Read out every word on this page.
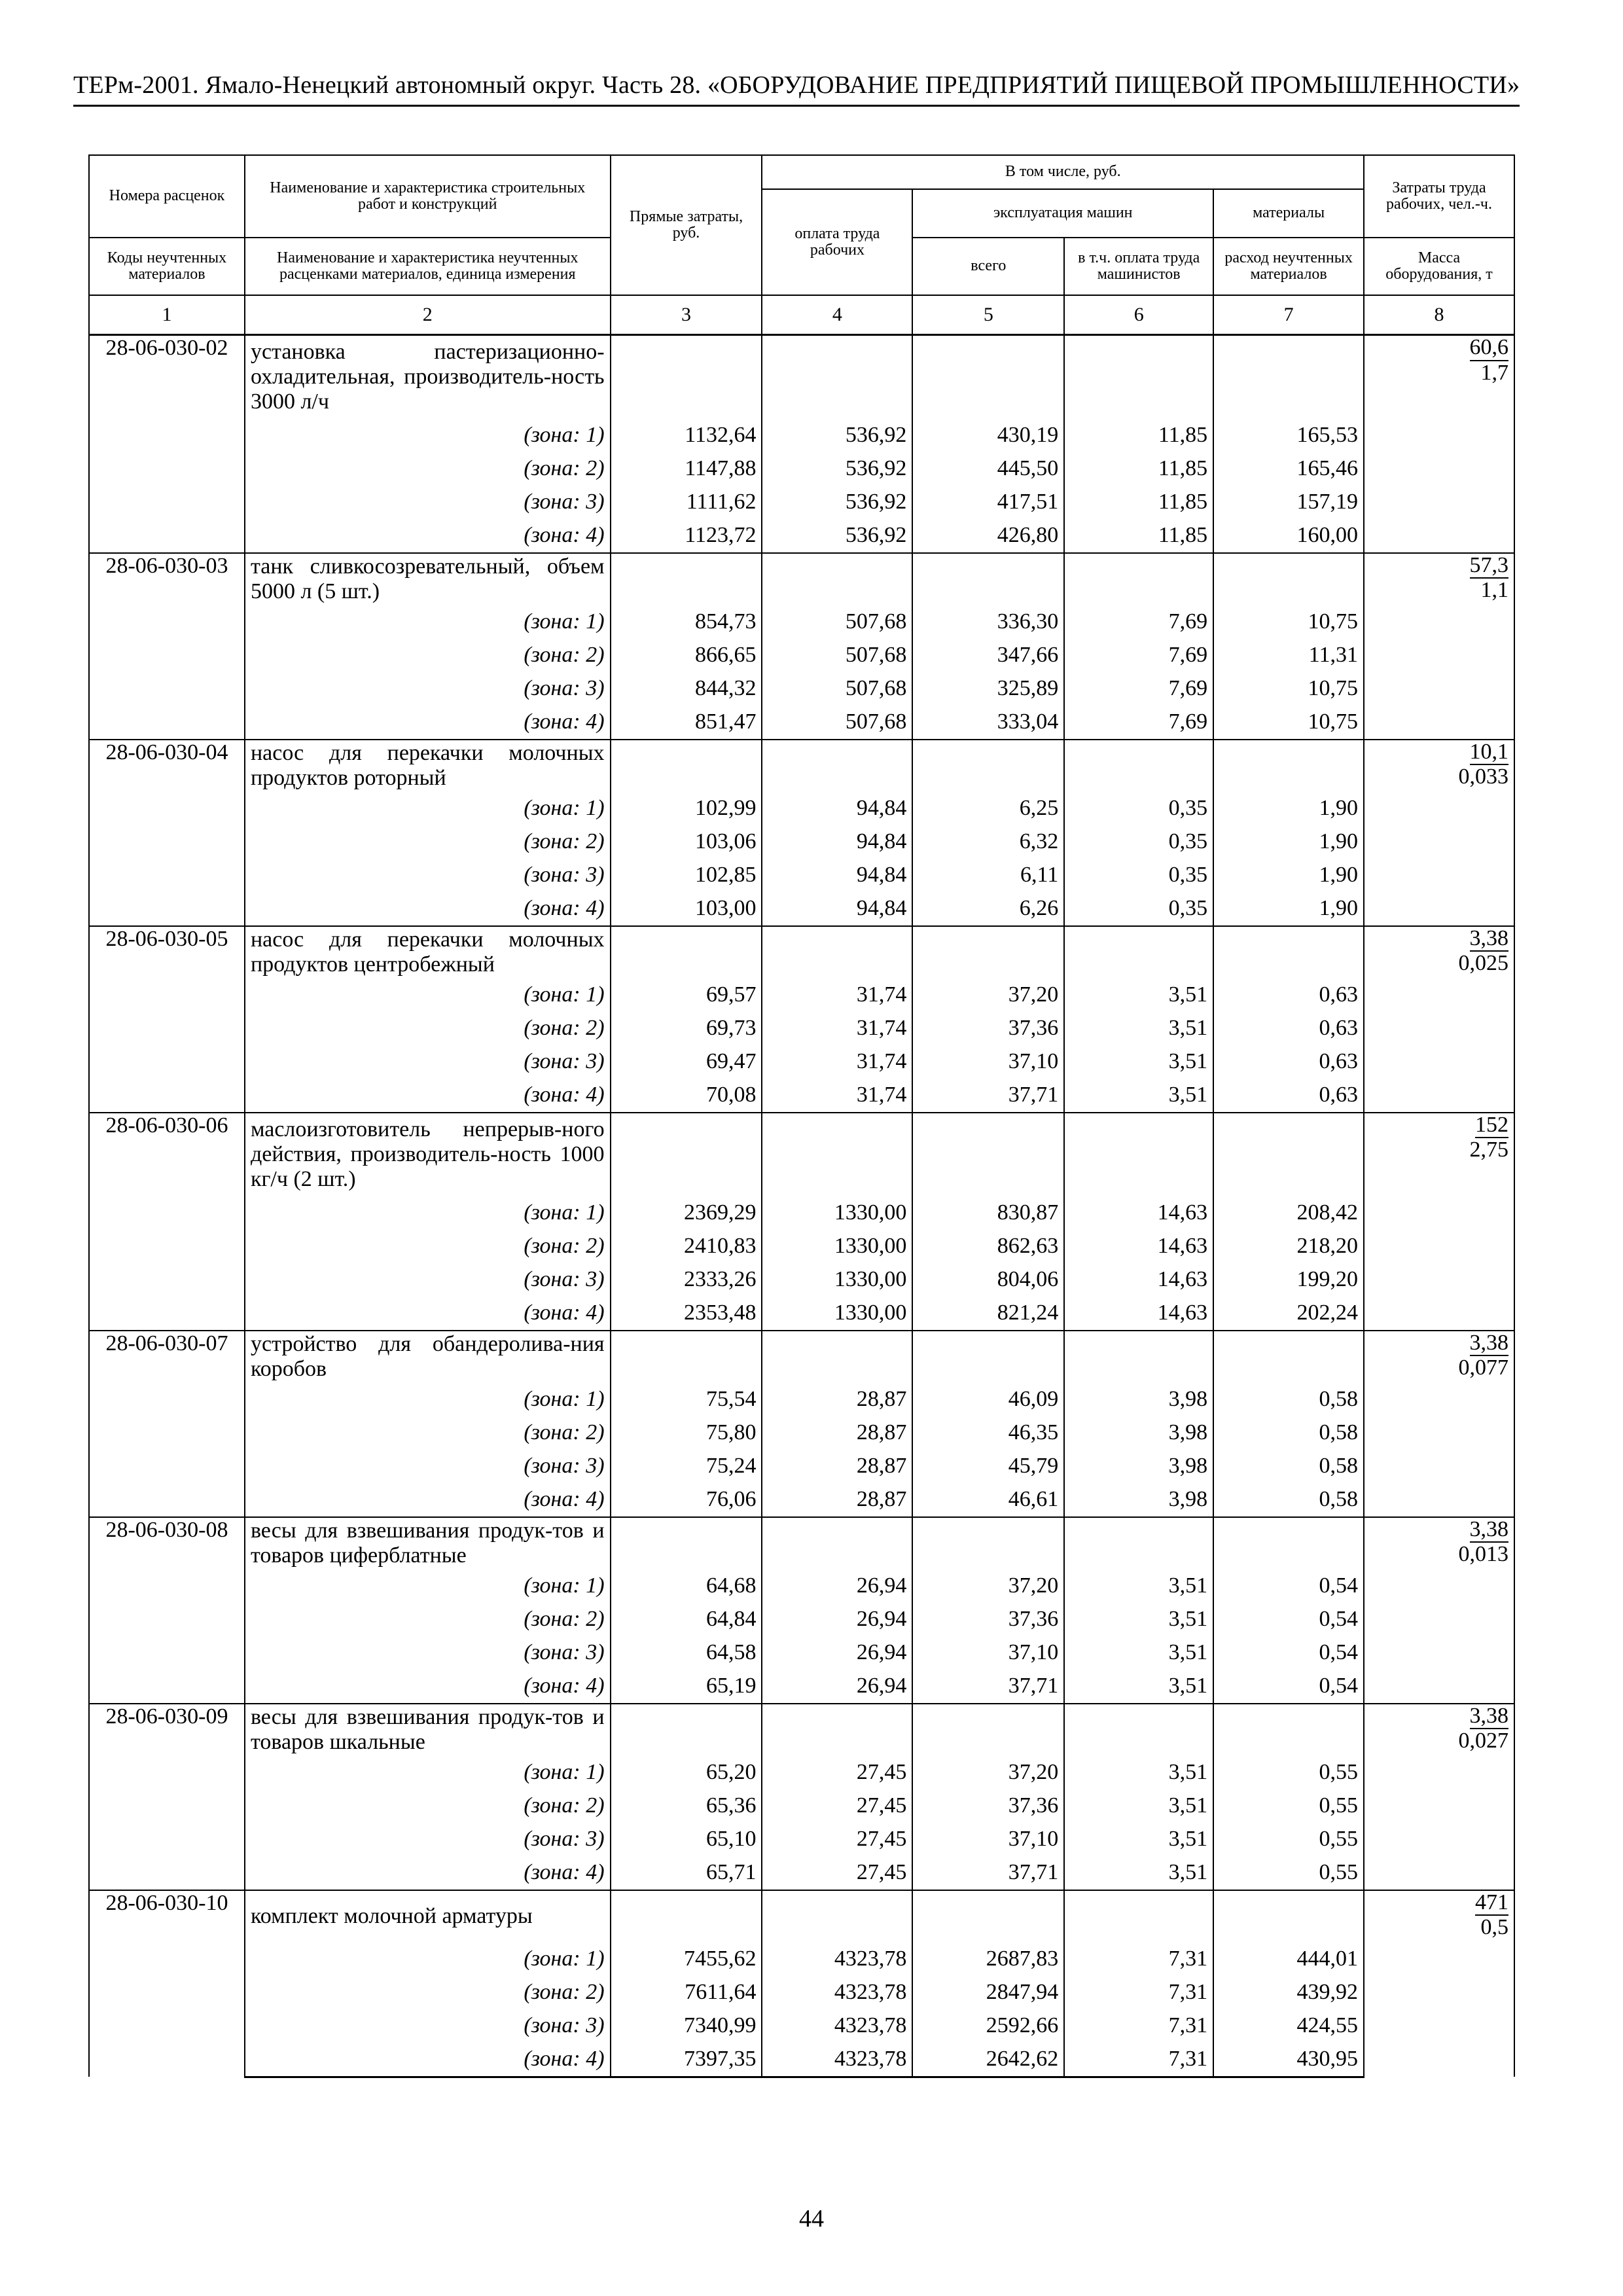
ТЕРм-2001. Ямало-Ненецкий автономный округ. Часть 28. «ОБОРУДОВАНИЕ ПРЕДПРИЯТИЙ ПИЩЕВОЙ ПРОМЫШЛЕННОСТИ»
Номера расценок	Наименование и характеристика строительных работ и конструкций	Прямые затраты, руб.	В том числе, руб.				Затраты труда рабочих, чел.-ч.
			оплата труда рабочих	эксплуатация машин		материалы	
Коды неучтенных материалов	Наименование и характеристика неучтенных расценками материалов, единица измерения			всего	в т.ч. оплата труда машинистов	расход неучтенных материалов	Масса оборудования, т

1	2	3	4	5	6	7	8
28-06-030-02	установка пастеризационно-охладительная, производитель-ность 3000 л/ч						60,6
1,7

	(зона: 1)	1132,64	536,92	430,19	11,85	165,53	
	(зона: 2)	1147,88	536,92	445,50	11,85	165,46	
	(зона: 3)	1111,62	536,92	417,51	11,85	157,19	
	(зона: 4)	1123,72	536,92	426,80	11,85	160,00	
28-06-030-03	танк сливкосозревательный, объем 5000 л (5 шт.)						57,3
1,1

	(зона: 1)	854,73	507,68	336,30	7,69	10,75	
	(зона: 2)	866,65	507,68	347,66	7,69	11,31	
	(зона: 3)	844,32	507,68	325,89	7,69	10,75	
	(зона: 4)	851,47	507,68	333,04	7,69	10,75	
28-06-030-04	насос для перекачки молочных продуктов роторный						10,1
0,033

	(зона: 1)	102,99	94,84	6,25	0,35	1,90	
	(зона: 2)	103,06	94,84	6,32	0,35	1,90	
	(зона: 3)	102,85	94,84	6,11	0,35	1,90	
	(зона: 4)	103,00	94,84	6,26	0,35	1,90	
28-06-030-05	насос для перекачки молочных продуктов центробежный						3,38
0,025

	(зона: 1)	69,57	31,74	37,20	3,51	0,63	
	(зона: 2)	69,73	31,74	37,36	3,51	0,63	
	(зона: 3)	69,47	31,74	37,10	3,51	0,63	
	(зона: 4)	70,08	31,74	37,71	3,51	0,63	
28-06-030-06	маслоизготовитель непрерыв-ного действия, производитель-ность 1000 кг/ч (2 шт.)						152
2,75

	(зона: 1)	2369,29	1330,00	830,87	14,63	208,42	
	(зона: 2)	2410,83	1330,00	862,63	14,63	218,20	
	(зона: 3)	2333,26	1330,00	804,06	14,63	199,20	
	(зона: 4)	2353,48	1330,00	821,24	14,63	202,24	
28-06-030-07	устройство для обандеролива-ния коробов						3,38
0,077

	(зона: 1)	75,54	28,87	46,09	3,98	0,58	
	(зона: 2)	75,80	28,87	46,35	3,98	0,58	
	(зона: 3)	75,24	28,87	45,79	3,98	0,58	
	(зона: 4)	76,06	28,87	46,61	3,98	0,58	
28-06-030-08	весы для взвешивания продук-тов и товаров циферблатные						3,38
0,013

	(зона: 1)	64,68	26,94	37,20	3,51	0,54	
	(зона: 2)	64,84	26,94	37,36	3,51	0,54	
	(зона: 3)	64,58	26,94	37,10	3,51	0,54	
	(зона: 4)	65,19	26,94	37,71	3,51	0,54	
28-06-030-09	весы для взвешивания продук-тов и товаров шкальные						3,38
0,027

	(зона: 1)	65,20	27,45	37,20	3,51	0,55	
	(зона: 2)	65,36	27,45	37,36	3,51	0,55	
	(зона: 3)	65,10	27,45	37,10	3,51	0,55	
	(зона: 4)	65,71	27,45	37,71	3,51	0,55	
28-06-030-10	комплект молочной арматуры						471
0,5

	(зона: 1)	7455,62	4323,78	2687,83	7,31	444,01	
	(зона: 2)	7611,64	4323,78	2847,94	7,31	439,92	
	(зона: 3)	7340,99	4323,78	2592,66	7,31	424,55	
	(зона: 4)	7397,35	4323,78	2642,62	7,31	430,95	
44
